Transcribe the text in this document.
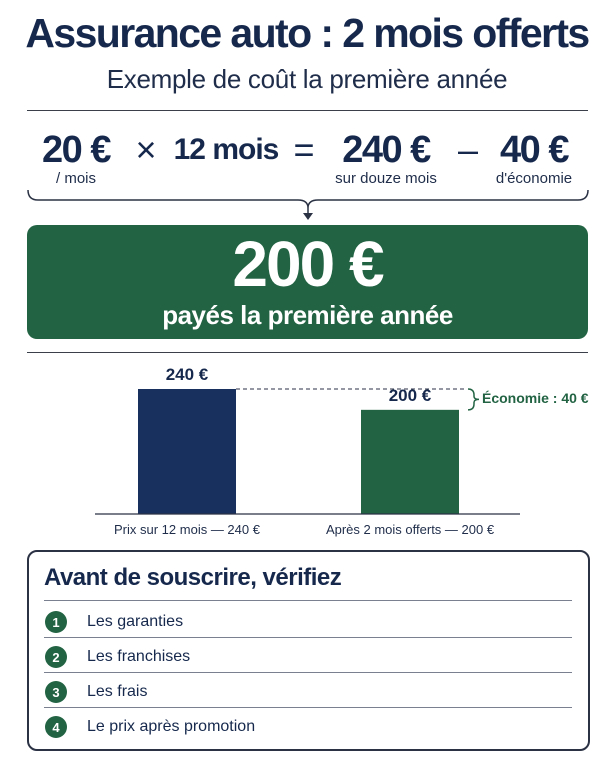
Assurance auto : 2 mois offerts
Exemple de coût la première année
20 €
/ mois
× 12 mois = 240 €
sur douze mois
– 40 €
d'économie
200 €
payés la première année
240 €
200 €
Prix sur 12 mois — 240 €	Après 2 mois offerts — 200 €
Économie : 40 €
Avant de souscrire, vérifiez
1	Les garanties
2	Les franchises
3	Les frais
4	Le prix après promotion
